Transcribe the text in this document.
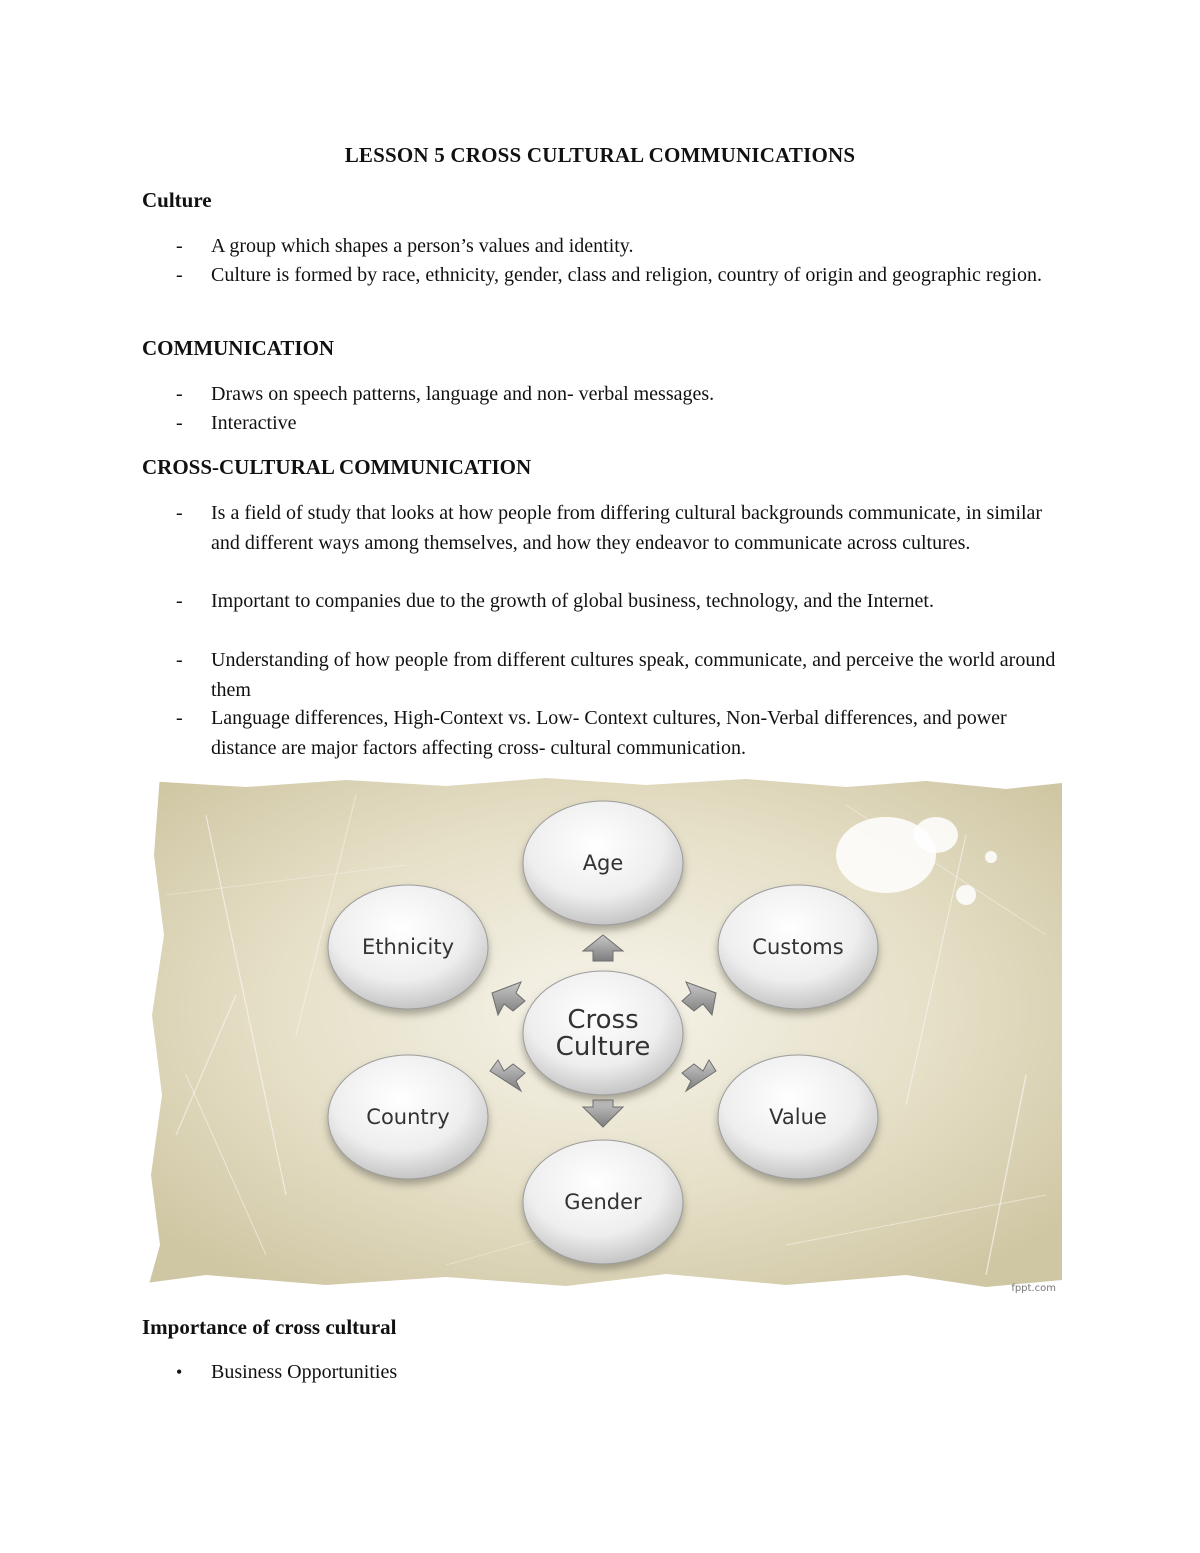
LESSON 5 CROSS CULTURAL COMMUNICATIONS
Culture
- A group which shapes a person’s values and identity.
- Culture is formed by race, ethnicity, gender, class and religion, country of origin and geographic region.
COMMUNICATION
- Draws on speech patterns, language and non- verbal messages.
- Interactive
CROSS-CULTURAL COMMUNICATION
- Is a field of study that looks at how people from differing cultural backgrounds communicate, in similar and different ways among themselves, and how they endeavor to communicate across cultures.
- Important to companies due to the growth of global business, technology, and the Internet.
- Understanding of how people from different cultures speak, communicate, and perceive the world around them
- Language differences, High-Context vs. Low- Context cultures, Non-Verbal differences, and power distance are major factors affecting cross- cultural communication.
Age
Customs
Value
Gender
Country
Ethnicity
Cross
Culture
fppt.com
Importance of cross cultural
• Business Opportunities
